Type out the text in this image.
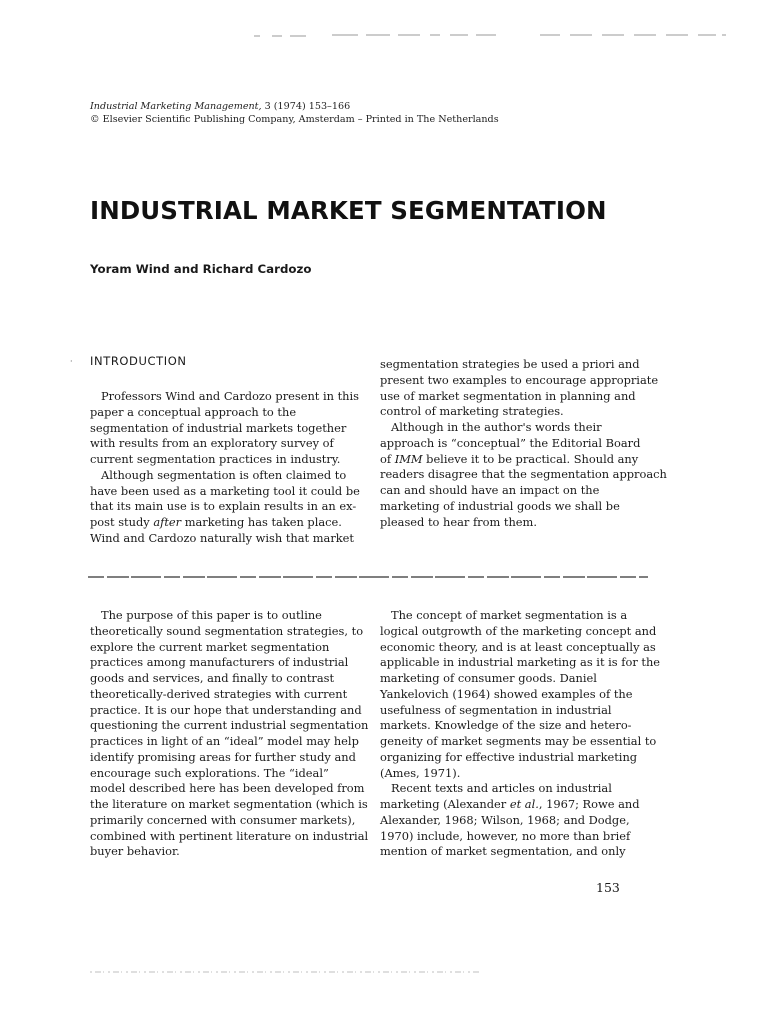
Industrial Marketing Management, 3 (1974) 153–166
© Elsevier Scientific Publishing Company, Amsterdam – Printed in The Netherlands
INDUSTRIAL MARKET SEGMENTATION
Yoram Wind and Richard Cardozo
· INTRODUCTION
Professors Wind and Cardozo present in this
paper a conceptual approach to the
segmentation of industrial markets together
with results from an exploratory survey of
current segmentation practices in industry.
Although segmentation is often claimed to
have been used as a marketing tool it could be
that its main use is to explain results in an ex-
post study after marketing has taken place.
Wind and Cardozo naturally wish that market
segmentation strategies be used a priori and
present two examples to encourage appropriate
use of market segmentation in planning and
control of marketing strategies.
Although in the author's words their
approach is “conceptual” the Editorial Board
of IMM believe it to be practical. Should any
readers disagree that the segmentation approach
can and should have an impact on the
marketing of industrial goods we shall be
pleased to hear from them.
The purpose of this paper is to outline
theoretically sound segmentation strategies, to
explore the current market segmentation
practices among manufacturers of industrial
goods and services, and finally to contrast
theoretically-derived strategies with current
practice. It is our hope that understanding and
questioning the current industrial segmentation
practices in light of an “ideal” model may help
identify promising areas for further study and
encourage such explorations. The “ideal”
model described here has been developed from
the literature on market segmentation (which is
primarily concerned with consumer markets),
combined with pertinent literature on industrial
buyer behavior.
The concept of market segmentation is a
logical outgrowth of the marketing concept and
economic theory, and is at least conceptually as
applicable in industrial marketing as it is for the
marketing of consumer goods. Daniel
Yankelovich (1964) showed examples of the
usefulness of segmentation in industrial
markets. Knowledge of the size and hetero-
geneity of market segments may be essential to
organizing for effective industrial marketing
(Ames, 1971).
Recent texts and articles on industrial
marketing (Alexander et al., 1967; Rowe and
Alexander, 1968; Wilson, 1968; and Dodge,
1970) include, however, no more than brief
mention of market segmentation, and only
153
